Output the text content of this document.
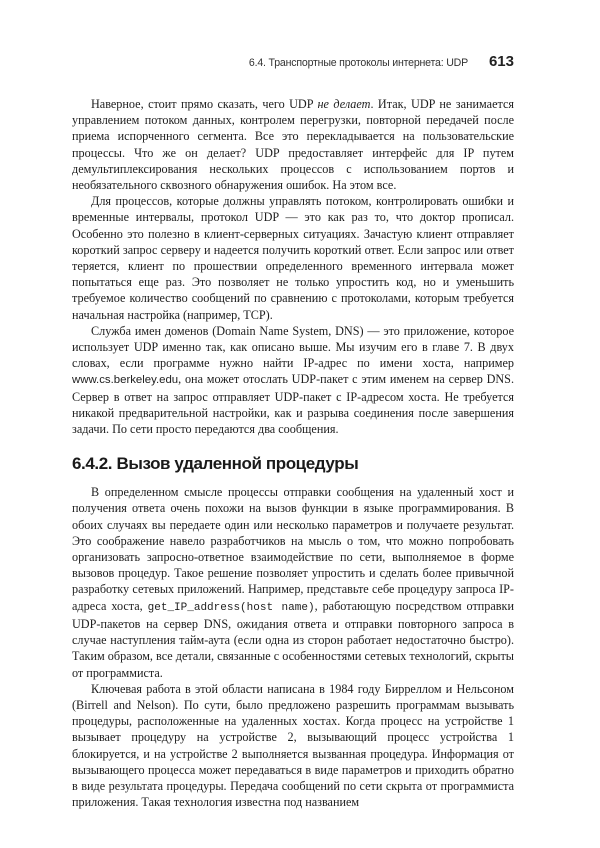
6.4. Транспортные протоколы интернета: UDP 613

Наверное, стоит прямо сказать, чего UDP не делает. Итак, UDP не занимается управлением потоком данных, контролем перегрузки, повторной передачей после приема испорченного сегмента. Все это перекладывается на пользовательские процессы. Что же он делает? UDP предоставляет интерфейс для IP путем демультиплексирования нескольких процессов с использованием портов и необязательного сквозного обнаружения ошибок. На этом все.

Для процессов, которые должны управлять потоком, контролировать ошибки и временные интервалы, протокол UDP — это как раз то, что доктор прописал. Особенно это полезно в клиент-серверных ситуациях. Зачастую клиент отправляет короткий запрос серверу и надеется получить короткий ответ. Если запрос или ответ теряется, клиент по прошествии определенного временного интервала может попытаться еще раз. Это позволяет не только упростить код, но и уменьшить требуемое количество сообщений по сравнению с протоколами, которым требуется начальная настройка (например, TCP).

Служба имен доменов (Domain Name System, DNS) — это приложение, которое использует UDP именно так, как описано выше. Мы изучим его в главе 7. В двух словах, если программе нужно найти IP-адрес по имени хоста, например www.cs.berkeley.edu, она может отослать UDP-пакет с этим именем на сервер DNS. Сервер в ответ на запрос отправляет UDP-пакет с IP-адресом хоста. Не требуется никакой предварительной настройки, как и разрыва соединения после завершения задачи. По сети просто передаются два сообщения.

6.4.2. Вызов удаленной процедуры

В определенном смысле процессы отправки сообщения на удаленный хост и получения ответа очень похожи на вызов функции в языке программирования. В обоих случаях вы передаете один или несколько параметров и получаете результат. Это соображение навело разработчиков на мысль о том, что можно попробовать организовать запросно-ответное взаимодействие по сети, выполняемое в форме вызовов процедур. Такое решение позволяет упростить и сделать более привычной разработку сетевых приложений. Например, представьте себе процедуру запроса IP-адреса хоста, get_IP_address(host name), работающую посредством отправки UDP-пакетов на сервер DNS, ожидания ответа и отправки повторного запроса в случае наступления тайм-аута (если одна из сторон работает недостаточно быстро). Таким образом, все детали, связанные с особенностями сетевых технологий, скрыты от программиста.

Ключевая работа в этой области написана в 1984 году Бирреллом и Нельсоном (Birrell and Nelson). По сути, было предложено разрешить программам вызывать процедуры, расположенные на удаленных хостах. Когда процесс на устройстве 1 вызывает процедуру на устройстве 2, вызывающий процесс устройства 1 блокируется, и на устройстве 2 выполняется вызванная процедура. Информация от вызывающего процесса может передаваться в виде параметров и приходить обратно в виде результата процедуры. Передача сообщений по сети скрыта от программиста приложения. Такая технология известна под названием
